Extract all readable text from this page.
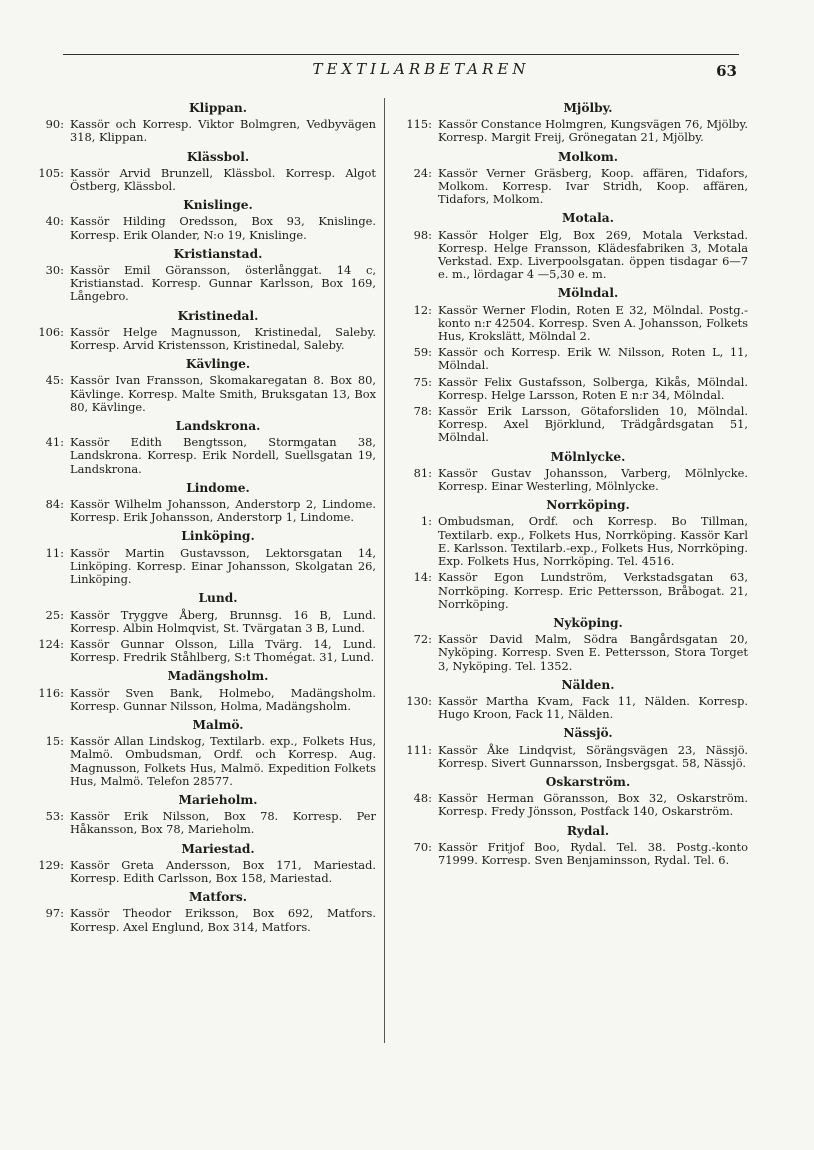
TEXTILARBETAREN	63
Klippan.
90: Kassör och Korresp. Viktor Bolmgren, Vedbyvägen 318, Klippan.
Klässbol.
105: Kassör Arvid Brunzell, Klässbol. Korresp. Algot Östberg, Klässbol.
Knislinge.
40: Kassör Hilding Oredsson, Box 93, Knislinge. Korresp. Erik Olander, N:o 19, Knislinge.
Kristianstad.
30: Kassör Emil Göransson, österlånggat. 14 c, Kristianstad. Korresp. Gunnar Karlsson, Box 169, Långebro.
Kristinedal.
106: Kassör Helge Magnusson, Kristinedal, Saleby. Korresp. Arvid Kristensson, Kristinedal, Saleby.
Kävlinge.
45: Kassör Ivan Fransson, Skomakaregatan 8. Box 80, Kävlinge. Korresp. Malte Smith, Bruksgatan 13, Box 80, Kävlinge.
Landskrona.
41: Kassör Edith Bengtsson, Stormgatan 38, Landskrona. Korresp. Erik Nordell, Suellsgatan 19, Landskrona.
Lindome.
84: Kassör Wilhelm Johansson, Anderstorp 2, Lindome. Korresp. Erik Johansson, Anderstorp 1, Lindome.
Linköping.
11: Kassör Martin Gustavsson, Lektorsgatan 14, Linköping. Korresp. Einar Johansson, Skolgatan 26, Linköping.
Lund.
25: Kassör Tryggve Åberg, Brunnsg. 16 B, Lund. Korresp. Albin Holmqvist, St. Tvärgatan 3 B, Lund.
124: Kassör Gunnar Olsson, Lilla Tvärg. 14, Lund. Korresp. Fredrik Ståhlberg, S:t Thomégat. 31, Lund.
Madängsholm.
116: Kassör Sven Bank, Holmebo, Madängsholm. Korresp. Gunnar Nilsson, Holma, Madängsholm.
Malmö.
15: Kassör Allan Lindskog, Textilarb. exp., Folkets Hus, Malmö. Ombudsman, Ordf. och Korresp. Aug. Magnusson, Folkets Hus, Malmö. Expedition Folkets Hus, Malmö. Telefon 28577.
Marieholm.
53: Kassör Erik Nilsson, Box 78. Korresp. Per Håkansson, Box 78, Marieholm.
Mariestad.
129: Kassör Greta Andersson, Box 171, Mariestad. Korresp. Edith Carlsson, Box 158, Mariestad.
Matfors.
97: Kassör Theodor Eriksson, Box 692, Matfors. Korresp. Axel Englund, Box 314, Matfors.
Mjölby.
115: Kassör Constance Holmgren, Kungsvägen 76, Mjölby. Korresp. Margit Freij, Grönegatan 21, Mjölby.
Molkom.
24: Kassör Verner Gräsberg, Koop. affären, Tidafors, Molkom. Korresp. Ivar Stridh, Koop. affären, Tidafors, Molkom.
Motala.
98: Kassör Holger Elg, Box 269, Motala Verkstad. Korresp. Helge Fransson, Klädesfabriken 3, Motala Verkstad. Exp. Liverpoolsgatan. öppen tisdagar 6—7 e. m., lördagar 4 —5,30 e. m.
Mölndal.
12: Kassör Werner Flodin, Roten E 32, Mölndal. Postg.-konto n:r 42504. Korresp. Sven A. Johansson, Folkets Hus, Krokslätt, Mölndal 2.
59: Kassör och Korresp. Erik W. Nilsson, Roten L, 11, Mölndal.
75: Kassör Felix Gustafsson, Solberga, Kikås, Mölndal. Korresp. Helge Larsson, Roten E n:r 34, Mölndal.
78: Kassör Erik Larsson, Götaforsliden 10, Mölndal. Korresp. Axel Björklund, Trädgårdsgatan 51, Mölndal.
Mölnlycke.
81: Kassör Gustav Johansson, Varberg, Mölnlycke. Korresp. Einar Westerling, Mölnlycke.
Norrköping.
1: Ombudsman, Ordf. och Korresp. Bo Tillman, Textilarb. exp., Folkets Hus, Norrköping. Kassör Karl E. Karlsson. Textilarb.-exp., Folkets Hus, Norrköping. Exp. Folkets Hus, Norrköping. Tel. 4516.
14: Kassör Egon Lundström, Verkstadsgatan 63, Norrköping. Korresp. Eric Pettersson, Bråbogat. 21, Norrköping.
Nyköping.
72: Kassör David Malm, Södra Bangårdsgatan 20, Nyköping. Korresp. Sven E. Pettersson, Stora Torget 3, Nyköping. Tel. 1352.
Nälden.
130: Kassör Martha Kvam, Fack 11, Nälden. Korresp. Hugo Kroon, Fack 11, Nälden.
Nässjö.
111: Kassör Åke Lindqvist, Sörängsvägen 23, Nässjö. Korresp. Sivert Gunnarsson, Insbergsgat. 58, Nässjö.
Oskarström.
48: Kassör Herman Göransson, Box 32, Oskarström. Korresp. Fredy Jönsson, Postfack 140, Oskarström.
Rydal.
70: Kassör Fritjof Boo, Rydal. Tel. 38. Postg.-konto 71999. Korresp. Sven Benjaminsson, Rydal. Tel. 6.
